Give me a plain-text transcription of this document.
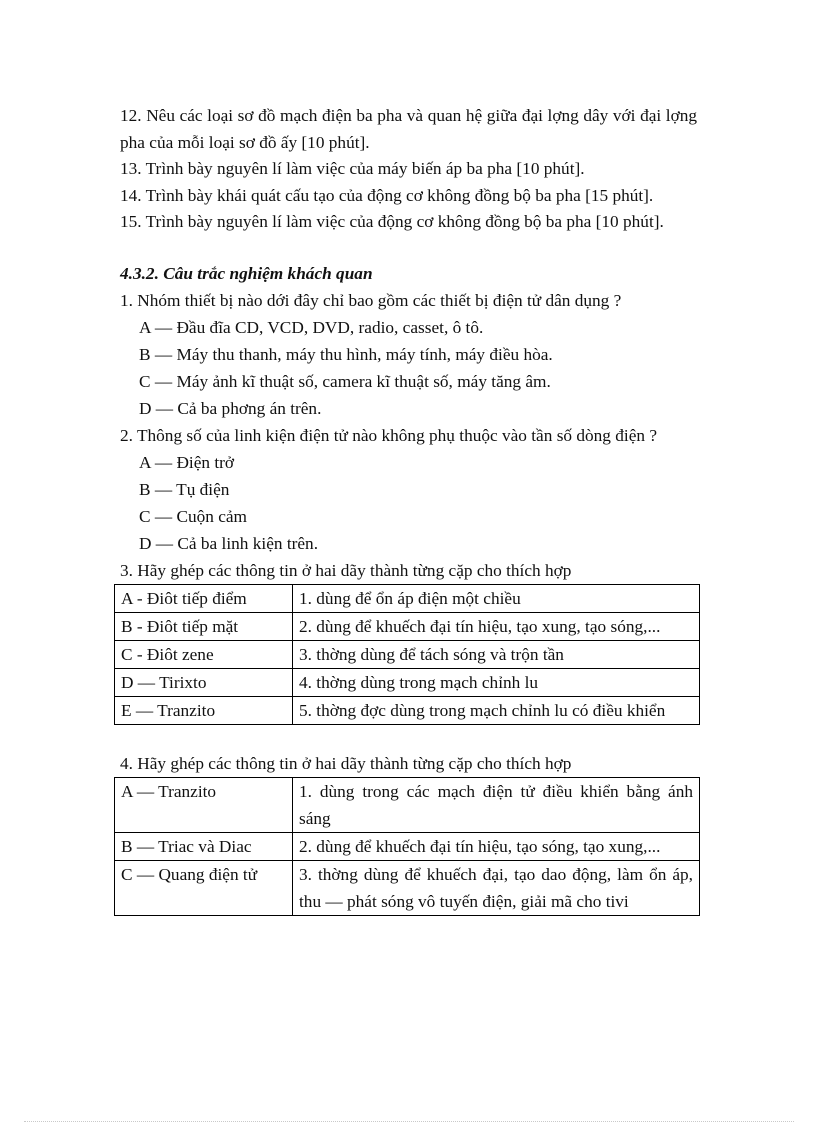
12. Nêu các loại sơ đồ mạch điện ba pha và quan hệ giữa đại lợng dây với đại lợng pha của mỗi loại sơ đồ ấy [10 phút].

13. Trình bày nguyên lí làm việc của máy biến áp ba pha [10 phút].

14. Trình bày khái quát cấu tạo của động cơ không đồng bộ ba pha [15 phút].

15. Trình bày nguyên lí làm việc của động cơ không đồng bộ ba pha [10 phút].

4.3.2. Câu trắc nghiệm khách quan

1. Nhóm thiết bị nào dới đây chỉ bao gồm các thiết bị điện tử dân dụng ?

A — Đầu đĩa CD, VCD, DVD, radio, casset, ô tô.

B — Máy thu thanh, máy thu hình, máy tính, máy điều hòa.

C — Máy ảnh kĩ thuật số, camera kĩ thuật số, máy tăng âm.

D — Cả ba phơng án trên.

2. Thông số của linh kiện điện tử nào không phụ thuộc vào tần số dòng điện ?

A — Điện trở

B — Tụ điện

C — Cuộn cảm

D — Cả ba linh kiện trên.

3. Hãy ghép các thông tin ở hai dãy thành từng cặp cho thích hợp

A - Điôt tiếp điểm	1. dùng để ổn áp điện một chiều
B - Điôt tiếp mặt	2. dùng để khuếch đại tín hiệu, tạo xung, tạo sóng,...
C - Điôt zene	3. thờng dùng để tách sóng và trộn tần
D — Tirixto	4. thờng dùng trong mạch chỉnh lu
E — Tranzito	5. thờng đợc dùng trong mạch chỉnh lu có điều khiển

4. Hãy ghép các thông tin ở hai dãy thành từng cặp cho thích hợp

A — Tranzito	1. dùng trong các mạch điện tử điều khiển bằng ánh sáng
B — Triac và Diac	2. dùng để khuếch đại tín hiệu, tạo sóng, tạo xung,...
C — Quang điện tử	3. thờng dùng để khuếch đại, tạo dao động, làm ổn áp, thu — phát sóng vô tuyến điện, giải mã cho tivi
